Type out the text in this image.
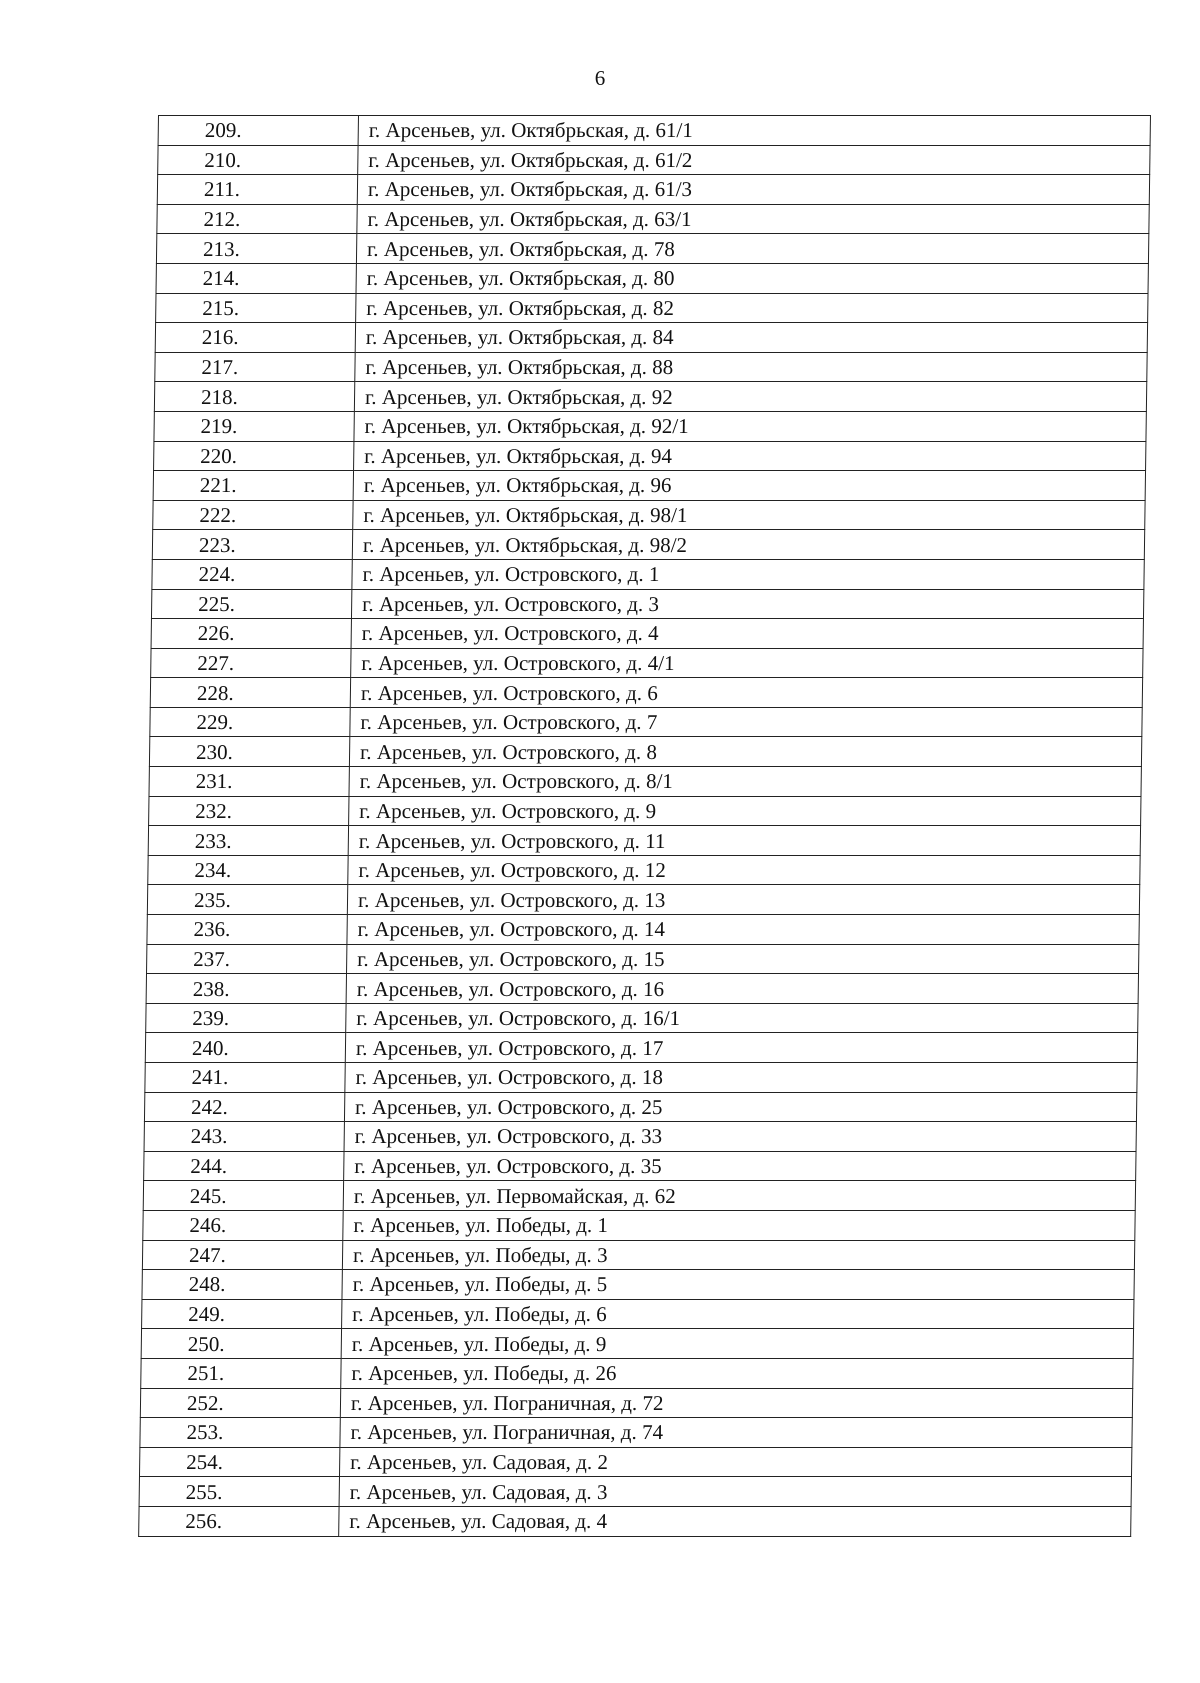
6
209.	г. Арсеньев, ул. Октябрьская, д. 61/1
210.	г. Арсеньев, ул. Октябрьская, д. 61/2
211.	г. Арсеньев, ул. Октябрьская, д. 61/3
212.	г. Арсеньев, ул. Октябрьская, д. 63/1
213.	г. Арсеньев, ул. Октябрьская, д. 78
214.	г. Арсеньев, ул. Октябрьская, д. 80
215.	г. Арсеньев, ул. Октябрьская, д. 82
216.	г. Арсеньев, ул. Октябрьская, д. 84
217.	г. Арсеньев, ул. Октябрьская, д. 88
218.	г. Арсеньев, ул. Октябрьская, д. 92
219.	г. Арсеньев, ул. Октябрьская, д. 92/1
220.	г. Арсеньев, ул. Октябрьская, д. 94
221.	г. Арсеньев, ул. Октябрьская, д. 96
222.	г. Арсеньев, ул. Октябрьская, д. 98/1
223.	г. Арсеньев, ул. Октябрьская, д. 98/2
224.	г. Арсеньев, ул. Островского, д. 1
225.	г. Арсеньев, ул. Островского, д. 3
226.	г. Арсеньев, ул. Островского, д. 4
227.	г. Арсеньев, ул. Островского, д. 4/1
228.	г. Арсеньев, ул. Островского, д. 6
229.	г. Арсеньев, ул. Островского, д. 7
230.	г. Арсеньев, ул. Островского, д. 8
231.	г. Арсеньев, ул. Островского, д. 8/1
232.	г. Арсеньев, ул. Островского, д. 9
233.	г. Арсеньев, ул. Островского, д. 11
234.	г. Арсеньев, ул. Островского, д. 12
235.	г. Арсеньев, ул. Островского, д. 13
236.	г. Арсеньев, ул. Островского, д. 14
237.	г. Арсеньев, ул. Островского, д. 15
238.	г. Арсеньев, ул. Островского, д. 16
239.	г. Арсеньев, ул. Островского, д. 16/1
240.	г. Арсеньев, ул. Островского, д. 17
241.	г. Арсеньев, ул. Островского, д. 18
242.	г. Арсеньев, ул. Островского, д. 25
243.	г. Арсеньев, ул. Островского, д. 33
244.	г. Арсеньев, ул. Островского, д. 35
245.	г. Арсеньев, ул. Первомайская, д. 62
246.	г. Арсеньев, ул. Победы, д. 1
247.	г. Арсеньев, ул. Победы, д. 3
248.	г. Арсеньев, ул. Победы, д. 5
249.	г. Арсеньев, ул. Победы, д. 6
250.	г. Арсеньев, ул. Победы, д. 9
251.	г. Арсеньев, ул. Победы, д. 26
252.	г. Арсеньев, ул. Пограничная, д. 72
253.	г. Арсеньев, ул. Пограничная, д. 74
254.	г. Арсеньев, ул. Садовая, д. 2
255.	г. Арсеньев, ул. Садовая, д. 3
256.	г. Арсеньев, ул. Садовая, д. 4
